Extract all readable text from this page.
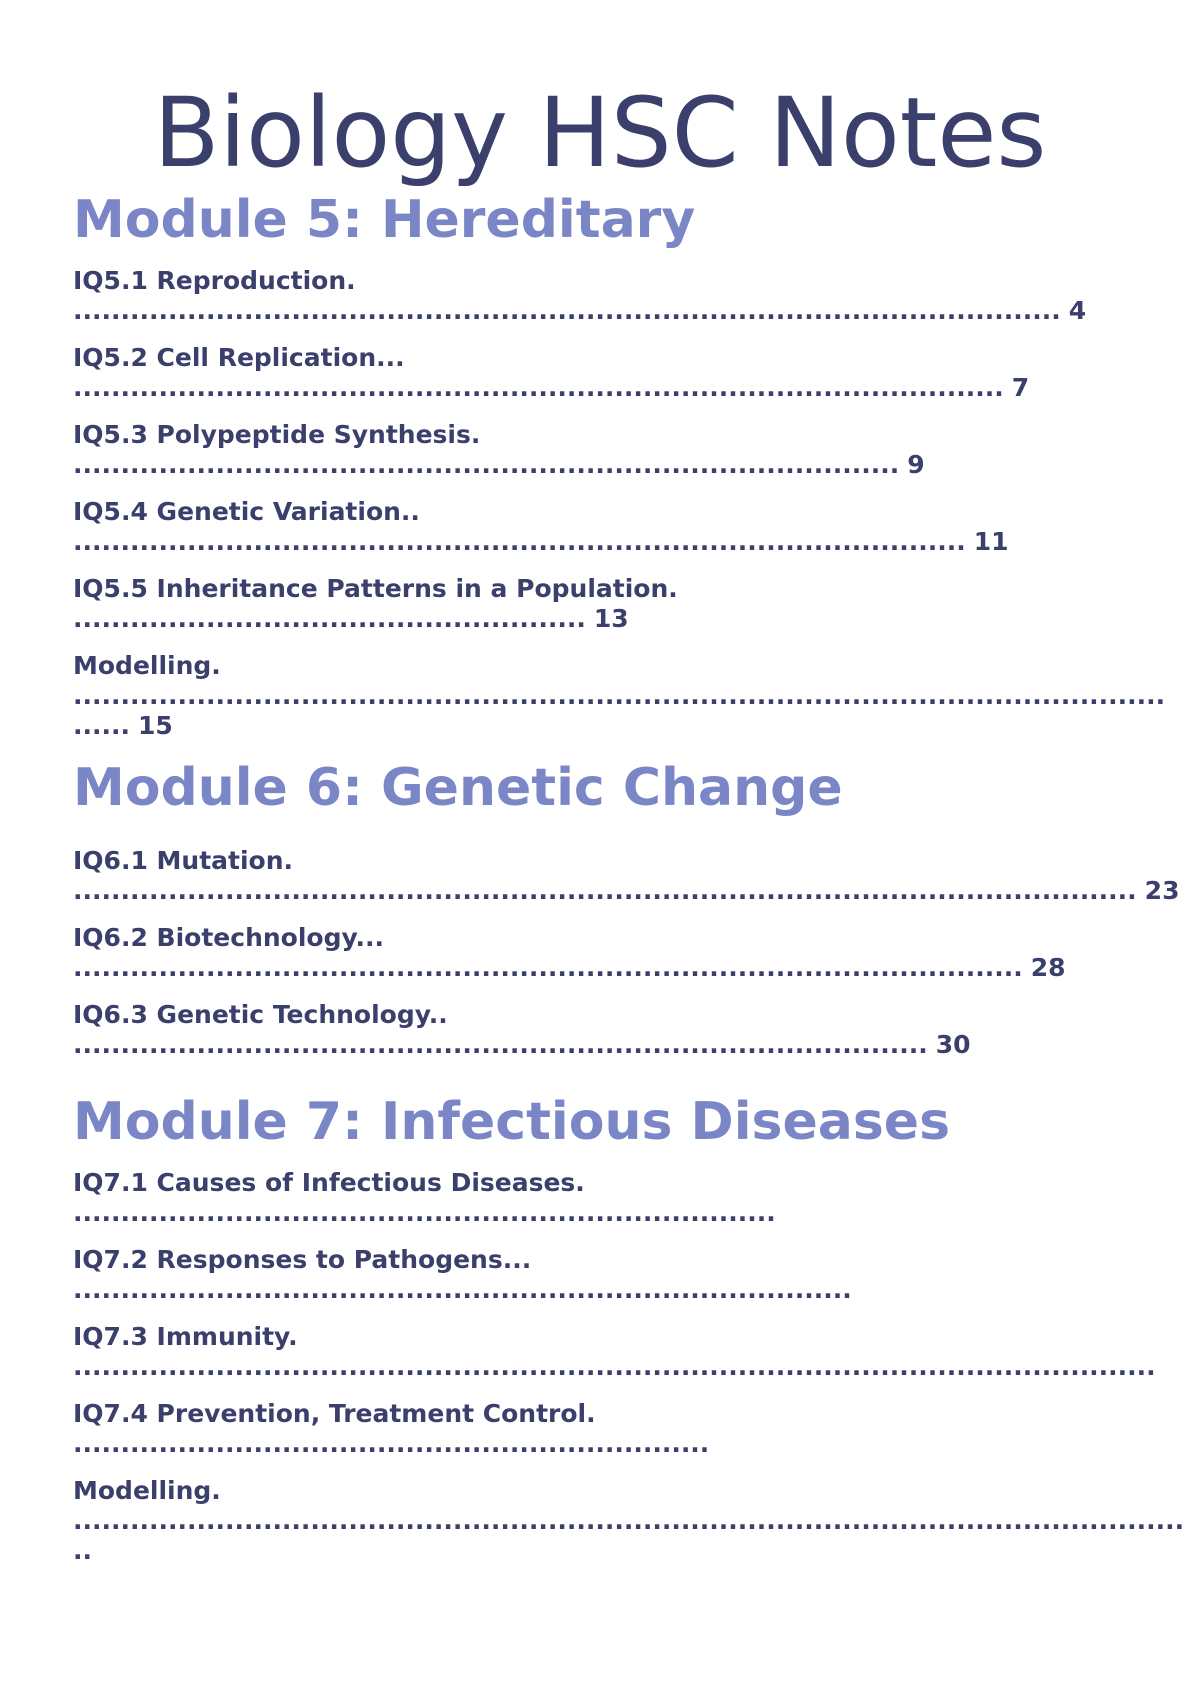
Biology HSC Notes
Module 5: Hereditary
IQ5.1 Reproduction.
........................................................................................................ 4
IQ5.2 Cell Replication...
.................................................................................................. 7
IQ5.3 Polypeptide Synthesis.
....................................................................................... 9
IQ5.4 Genetic Variation..
.............................................................................................. 11
IQ5.5 Inheritance Patterns in a Population.
...................................................... 13
Modelling.
...................................................................................................................
...... 15
Module 6: Genetic Change
IQ6.1 Mutation.
................................................................................................................ 23
IQ6.2 Biotechnology...
.................................................................................................... 28
IQ6.3 Genetic Technology..
.......................................................................................... 30
Module 7: Infectious Diseases
IQ7.1 Causes of Infectious Diseases.
..........................................................................
IQ7.2 Responses to Pathogens...
..................................................................................
IQ7.3 Immunity.
..................................................................................................................
IQ7.4 Prevention, Treatment Control.
...................................................................
Modelling.
.....................................................................................................................
..
